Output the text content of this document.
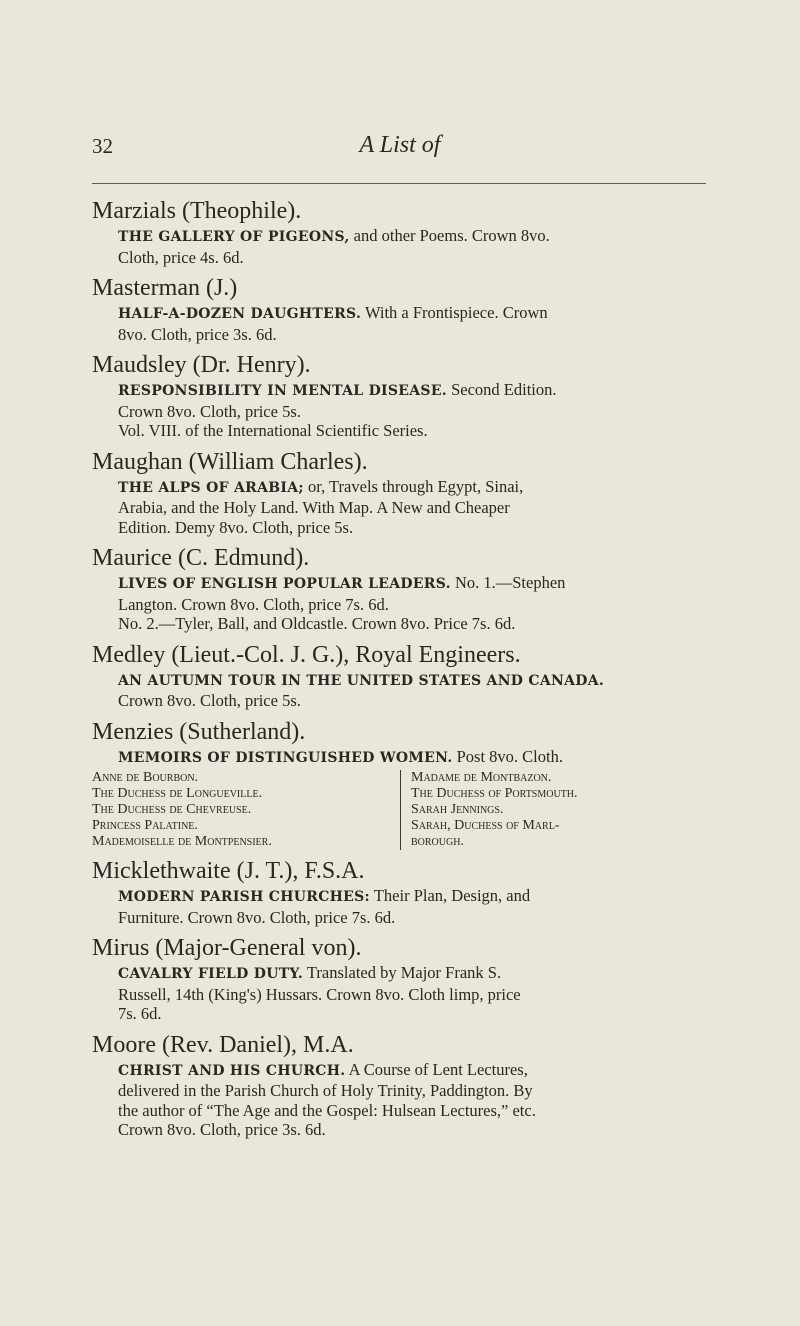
32	A List of

Marzials (Theophile).

THE GALLERY OF PIGEONS, and other Poems. Crown 8vo.
Cloth, price 4s. 6d.

Masterman (J.)

HALF-A-DOZEN DAUGHTERS. With a Frontispiece. Crown
8vo. Cloth, price 3s. 6d.

Maudsley (Dr. Henry).

RESPONSIBILITY IN MENTAL DISEASE. Second Edition.
Crown 8vo. Cloth, price 5s.
Vol. VIII. of the International Scientific Series.

Maughan (William Charles).

THE ALPS OF ARABIA; or, Travels through Egypt, Sinai,
Arabia, and the Holy Land. With Map. A New and Cheaper
Edition. Demy 8vo. Cloth, price 5s.

Maurice (C. Edmund).

LIVES OF ENGLISH POPULAR LEADERS. No. 1.—Stephen
Langton. Crown 8vo. Cloth, price 7s. 6d.
No. 2.—Tyler, Ball, and Oldcastle. Crown 8vo. Price 7s. 6d.

Medley (Lieut.-Col. J. G.), Royal Engineers.

AN AUTUMN TOUR IN THE UNITED STATES AND CANADA.
Crown 8vo. Cloth, price 5s.

Menzies (Sutherland).

MEMOIRS OF DISTINGUISHED WOMEN. Post 8vo. Cloth.

Anne de Bourbon.
The Duchess de Longueville.
The Duchess de Chevreuse.
Princess Palatine.
Mademoiselle de Montpensier.
Madame de Montbazon.
The Duchess of Portsmouth.
Sarah Jennings.
Sarah, Duchess of Marl-
borough.

Micklethwaite (J. T.), F.S.A.

MODERN PARISH CHURCHES: Their Plan, Design, and
Furniture. Crown 8vo. Cloth, price 7s. 6d.

Mirus (Major-General von).

CAVALRY FIELD DUTY. Translated by Major Frank S.
Russell, 14th (King's) Hussars. Crown 8vo. Cloth limp, price
7s. 6d.

Moore (Rev. Daniel), M.A.

CHRIST AND HIS CHURCH. A Course of Lent Lectures,
delivered in the Parish Church of Holy Trinity, Paddington. By
the author of “The Age and the Gospel: Hulsean Lectures,” etc.
Crown 8vo. Cloth, price 3s. 6d.
